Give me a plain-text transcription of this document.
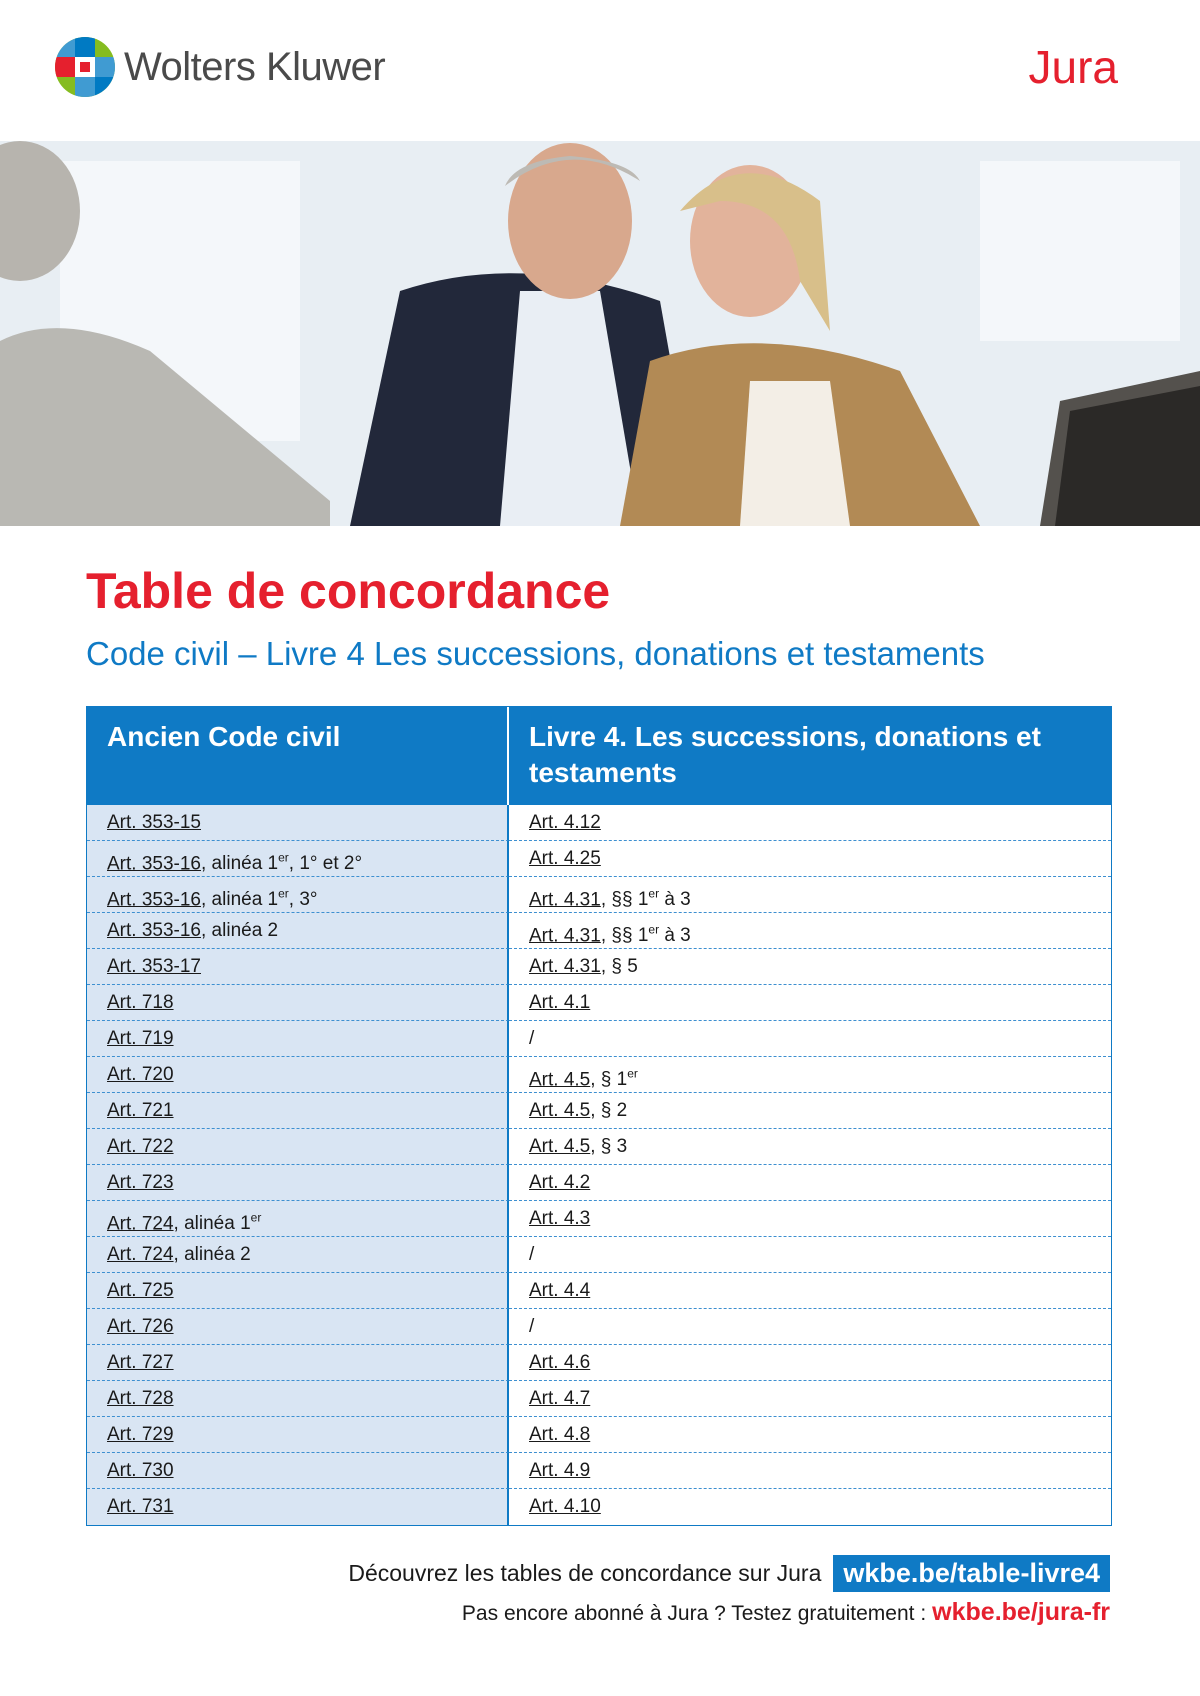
Wolters Kluwer	Jura
Table de concordance
Code civil – Livre 4 Les successions, donations et testaments
Ancien Code civil	Livre 4. Les successions, donations et testaments
Art. 353-15	Art. 4.12
Art. 353-16, alinéa 1er, 1° et 2°	Art. 4.25
Art. 353-16, alinéa 1er, 3°	Art. 4.31, §§ 1er à 3
Art. 353-16, alinéa 2	Art. 4.31, §§ 1er à 3
Art. 353-17	Art. 4.31, § 5
Art. 718	Art. 4.1
Art. 719	/
Art. 720	Art. 4.5, § 1er
Art. 721	Art. 4.5, § 2
Art. 722	Art. 4.5, § 3
Art. 723	Art. 4.2
Art. 724, alinéa 1er	Art. 4.3
Art. 724, alinéa 2	/
Art. 725	Art. 4.4
Art. 726	/
Art. 727	Art. 4.6
Art. 728	Art. 4.7
Art. 729	Art. 4.8
Art. 730	Art. 4.9
Art. 731	Art. 4.10
Découvrez les tables de concordance sur Jura wkbe.be/table-livre4
Pas encore abonné à Jura ? Testez gratuitement : wkbe.be/jura-fr
